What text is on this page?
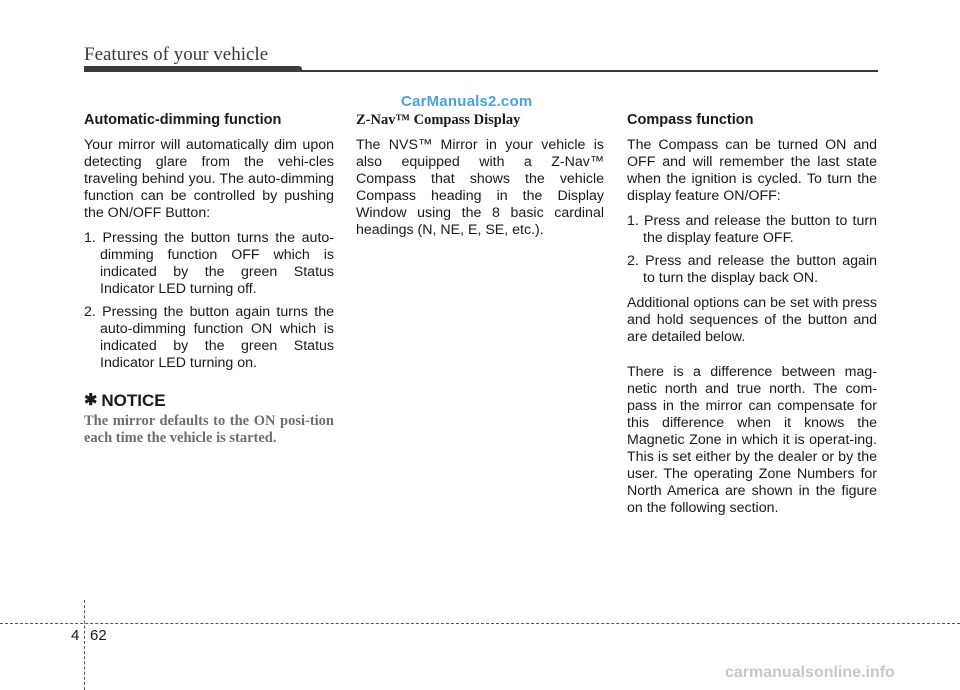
Features of your vehicle
CarManuals2.com

Automatic-dimming function

Your mirror will automatically dim upon detecting glare from the vehi-cles traveling behind you. The auto-dimming function can be controlled by pushing the ON/OFF Button:

1. Pressing the button turns the auto-dimming function OFF which is indicated by the green Status Indicator LED turning off.
2. Pressing the button again turns the auto-dimming function ON which is indicated by the green Status Indicator LED turning on.
✱ NOTICE

The mirror defaults to the ON posi-tion each time the vehicle is started.

Z-Nav™ Compass Display

The NVS™ Mirror in your vehicle is also equipped with a Z-Nav™ Compass that shows the vehicle Compass heading in the Display Window using the 8 basic cardinal headings (N, NE, E, SE, etc.).

Compass function

The Compass can be turned ON and OFF and will remember the last state when the ignition is cycled. To turn the display feature ON/OFF:

1. Press and release the button to turn the display feature OFF.
2. Press and release the button again to turn the display back ON.

Additional options can be set with press and hold sequences of the button and are detailed below.

There is a difference between mag-netic north and true north. The com-pass in the mirror can compensate for this difference when it knows the Magnetic Zone in which it is operat-ing. This is set either by the dealer or by the user. The operating Zone Numbers for North America are shown in the figure on the following section.

4 62
carmanualsonline.info
